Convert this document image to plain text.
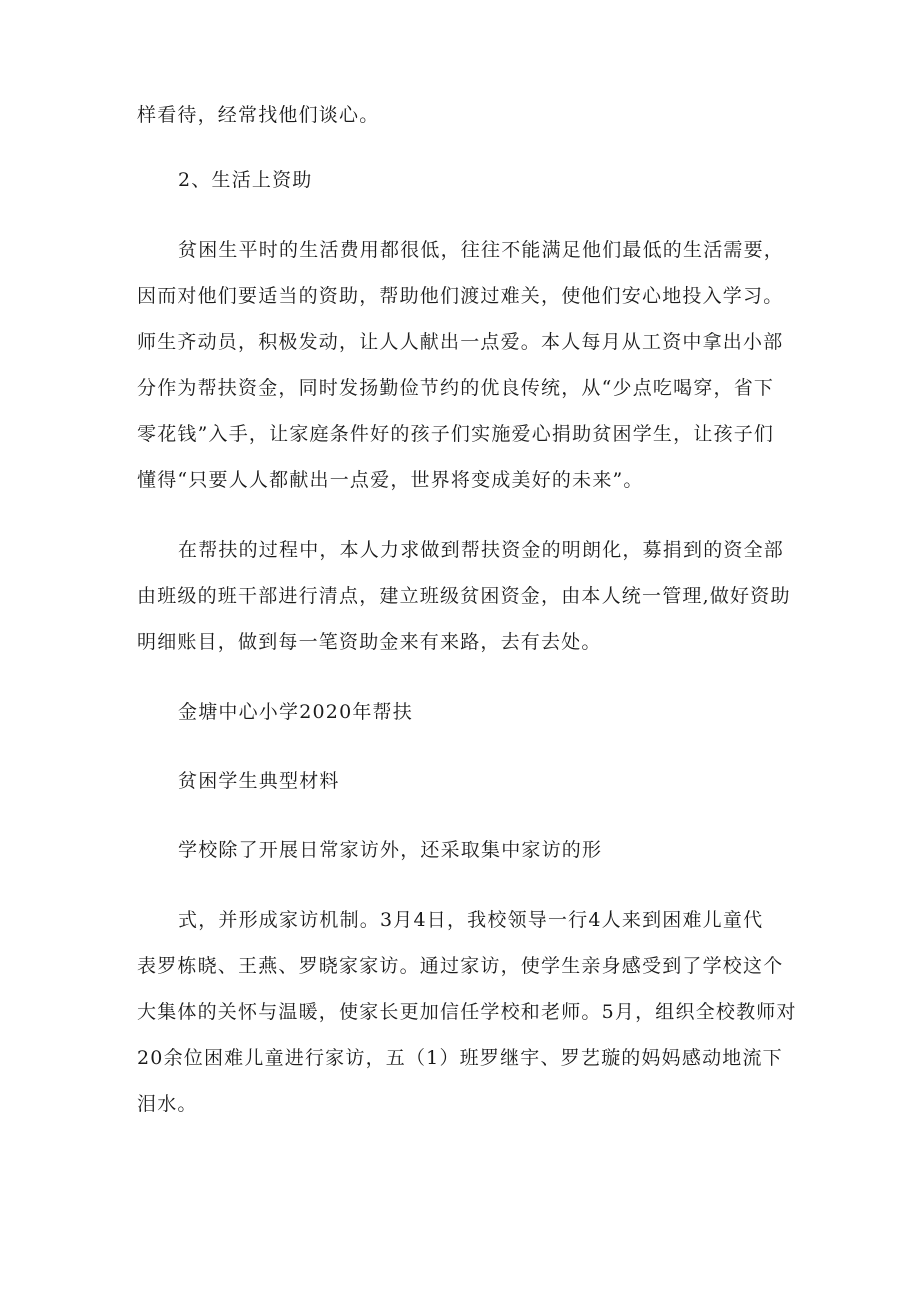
样看待，经常找他们谈心。
2、生活上资助
贫困生平时的生活费用都很低，往往不能满足他们最低的生活需要，
因而对他们要适当的资助，帮助他们渡过难关，使他们安心地投入学习。
师生齐动员，积极发动，让人人献出一点爱。本人每月从工资中拿出小部
分作为帮扶资金，同时发扬勤俭节约的优良传统，从“少点吃喝穿，省下
零花钱”入手，让家庭条件好的孩子们实施爱心捐助贫困学生，让孩子们
懂得“只要人人都献出一点爱，世界将变成美好的未来”。
在帮扶的过程中，本人力求做到帮扶资金的明朗化，募捐到的资全部
由班级的班干部进行清点，建立班级贫困资金，由本人统一管理,做好资助
明细账目，做到每一笔资助金来有来路，去有去处。
金塘中心小学2020年帮扶
贫困学生典型材料
学校除了开展日常家访外，还采取集中家访的形
式，并形成家访机制。3月4日，我校领导一行4人来到困难儿童代
表罗栋晓、王燕、罗晓家家访。通过家访，使学生亲身感受到了学校这个
大集体的关怀与温暖，使家长更加信任学校和老师。5月，组织全校教师对
20余位困难儿童进行家访，五（1）班罗继宇、罗艺璇的妈妈感动地流下
泪水。
